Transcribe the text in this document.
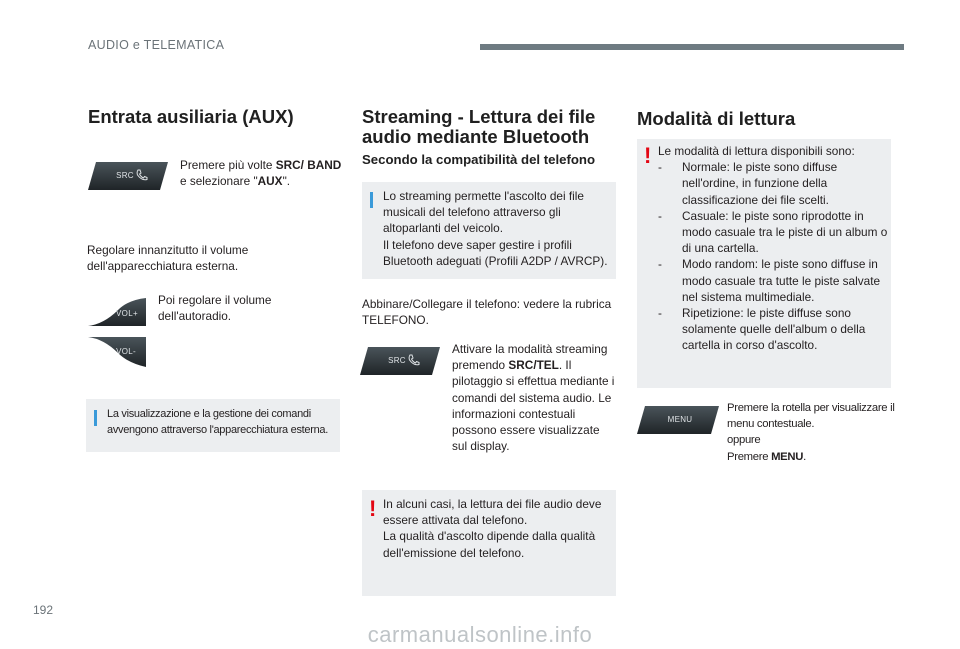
AUDIO e TELEMATICA
Entrata ausiliaria (AUX)
SRC
Premere più volte SRC/ BAND e selezionare "AUX".
Regolare innanzitutto il volume dell'apparecchiatura esterna.
VOL+
VOL-
Poi regolare il volume dell'autoradio.
La visualizzazione e la gestione dei comandi avvengono attraverso l'apparecchiatura esterna.
Streaming - Lettura dei file audio mediante Bluetooth
Secondo la compatibilità del telefono
Lo streaming permette l'ascolto dei file musicali del telefono attraverso gli altoparlanti del veicolo.
Il telefono deve saper gestire i profili Bluetooth adeguati (Profili A2DP / AVRCP).
Abbinare/Collegare il telefono: vedere la rubrica TELEFONO.
SRC
Attivare la modalità streaming premendo SRC/TEL. Il pilotaggio si effettua mediante i comandi del sistema audio. Le informazioni contestuali possono essere visualizzate sul display.
! In alcuni casi, la lettura dei file audio deve essere attivata dal telefono.
La qualità d'ascolto dipende dalla qualità dell'emissione del telefono.
Modalità di lettura
! Le modalità di lettura disponibili sono:
-	Normale: le piste sono diffuse nell'ordine, in funzione della classificazione dei file scelti.
-	Casuale: le piste sono riprodotte in modo casuale tra le piste di un album o di una cartella.
-	Modo random: le piste sono diffuse in modo casuale tra tutte le piste salvate nel sistema multimediale.
-	Ripetizione: le piste diffuse sono solamente quelle dell'album o della cartella in corso d'ascolto.
MENU
Premere la rotella per visualizzare il menu contestuale.
oppure
Premere MENU.
192
carmanualsonline.info
